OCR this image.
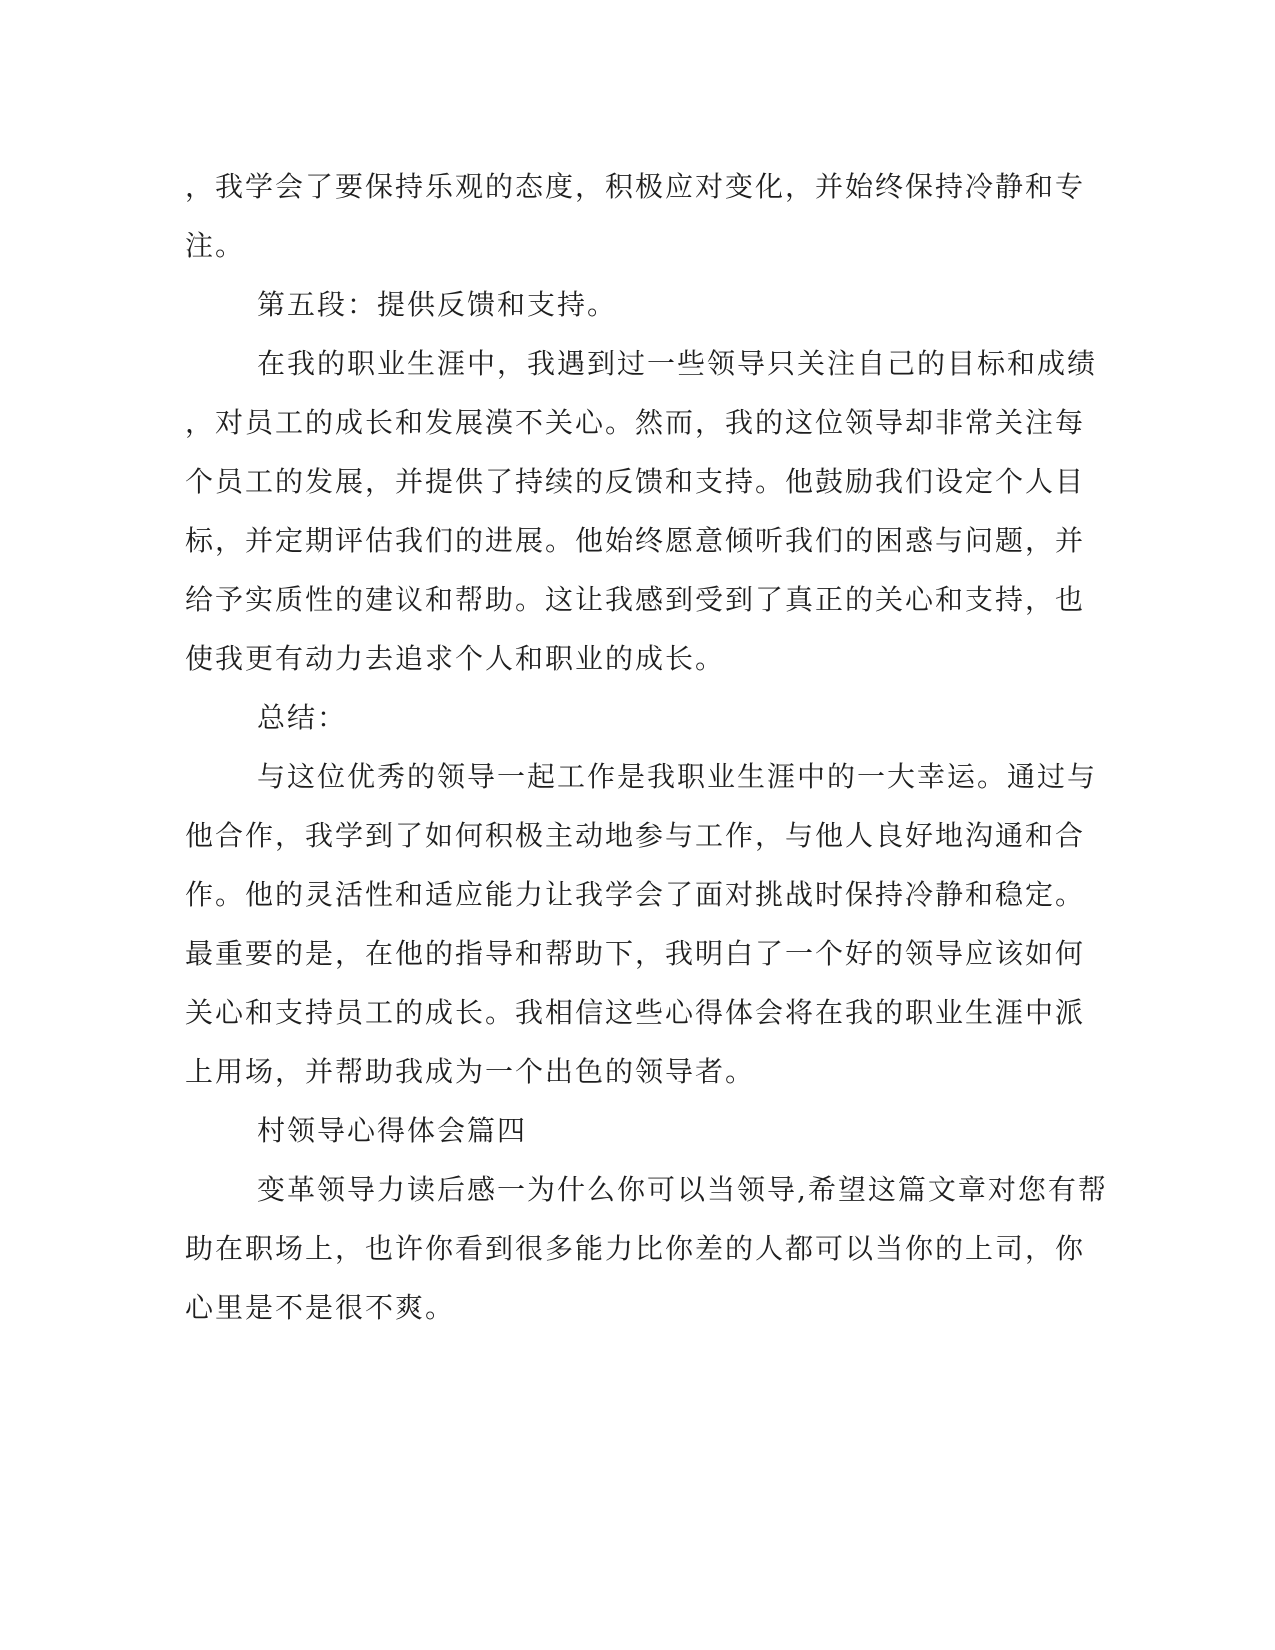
，我学会了要保持乐观的态度，积极应对变化，并始终保持冷静和专
注。
第五段：提供反馈和支持。
在我的职业生涯中，我遇到过一些领导只关注自己的目标和成绩
，对员工的成长和发展漠不关心。然而，我的这位领导却非常关注每
个员工的发展，并提供了持续的反馈和支持。他鼓励我们设定个人目
标，并定期评估我们的进展。他始终愿意倾听我们的困惑与问题，并
给予实质性的建议和帮助。这让我感到受到了真正的关心和支持，也
使我更有动力去追求个人和职业的成长。
总结：
与这位优秀的领导一起工作是我职业生涯中的一大幸运。通过与
他合作，我学到了如何积极主动地参与工作，与他人良好地沟通和合
作。他的灵活性和适应能力让我学会了面对挑战时保持冷静和稳定。
最重要的是，在他的指导和帮助下，我明白了一个好的领导应该如何
关心和支持员工的成长。我相信这些心得体会将在我的职业生涯中派
上用场，并帮助我成为一个出色的领导者。
村领导心得体会篇四
变革领导力读后感一为什么你可以当领导,希望这篇文章对您有帮
助在职场上，也许你看到很多能力比你差的人都可以当你的上司，你
心里是不是很不爽。
